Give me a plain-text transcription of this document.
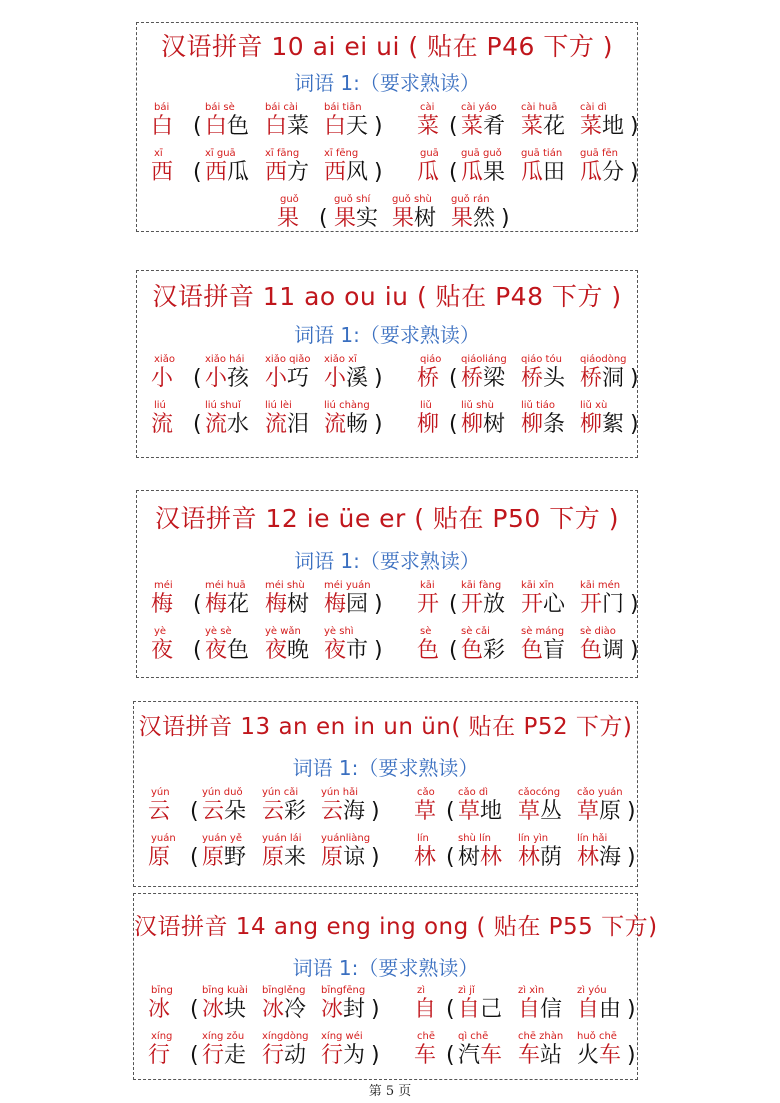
汉语拼音 10 ai ei ui ( 贴在 P46 下方 )
词语 1:（要求熟读）
bái
白 (
bái sè
白色
bái cài
白菜
bái tiān
白天 )
cài
菜 (
cài yáo
菜肴
cài huā
菜花
cài dì
菜地 )
xī
西 (
xī guā
西瓜
xī fāng
西方
xī fēng
西风 )
guā
瓜 (
guā guǒ
瓜果
guā tián
瓜田
guā fēn
瓜分 )
guǒ
果 (
guǒ shí
果实
guǒ shù
果树
guǒ rán
果然 )
汉语拼音 11 ao ou iu ( 贴在 P48 下方 )
词语 1:（要求熟读）
xiǎo
小 (
xiǎo hái
小孩
xiǎo qiǎo
小巧
xiǎo xī
小溪 )
qiáo
桥 (
qiáoliáng
桥梁
qiáo tóu
桥头
qiáodòng
桥洞 )
liú
流 (
liú shuǐ
流水
liú lèi
流泪
liú chàng
流畅 )
liǔ
柳 (
liǔ shù
柳树
liǔ tiáo
柳条
liǔ xù
柳絮 )
汉语拼音 12 ie üe er ( 贴在 P50 下方 )
词语 1:（要求熟读）
méi
梅 (
méi huā
梅花
méi shù
梅树
méi yuán
梅园 )
kāi
开 (
kāi fàng
开放
kāi xīn
开心
kāi mén
开门 )
yè
夜 (
yè sè
夜色
yè wǎn
夜晚
yè shì
夜市 )
sè
色 (
sè cǎi
色彩
sè máng
色盲
sè diào
色调 )
汉语拼音 13 an en in un ün( 贴在 P52 下方)
词语 1:（要求熟读）
yún
云 (
yún duǒ
云朵
yún cǎi
云彩
yún hǎi
云海 )
cǎo
草 (
cǎo dì
草地
cǎocóng
草丛
cǎo yuán
草原 )
yuán
原 (
yuán yě
原野
yuán lái
原来
yuánliàng
原谅 )
lín
林 (
shù lín
树林
lín yìn
林荫
lín hǎi
林海 )
汉语拼音 14 ang eng ing ong ( 贴在 P55 下方)
词语 1:（要求熟读）
bīng
冰 (
bīng kuài
冰块
bīnglěng
冰冷
bīngfēng
冰封 )
zì
自 (
zì jǐ
自己
zì xìn
自信
zì yóu
自由 )
xíng
行 (
xíng zǒu
行走
xíngdòng
行动
xíng wéi
行为 )
chē
车 (
qì chē
汽车
chē zhàn
车站
huǒ chē
火车 )
第 5 页
